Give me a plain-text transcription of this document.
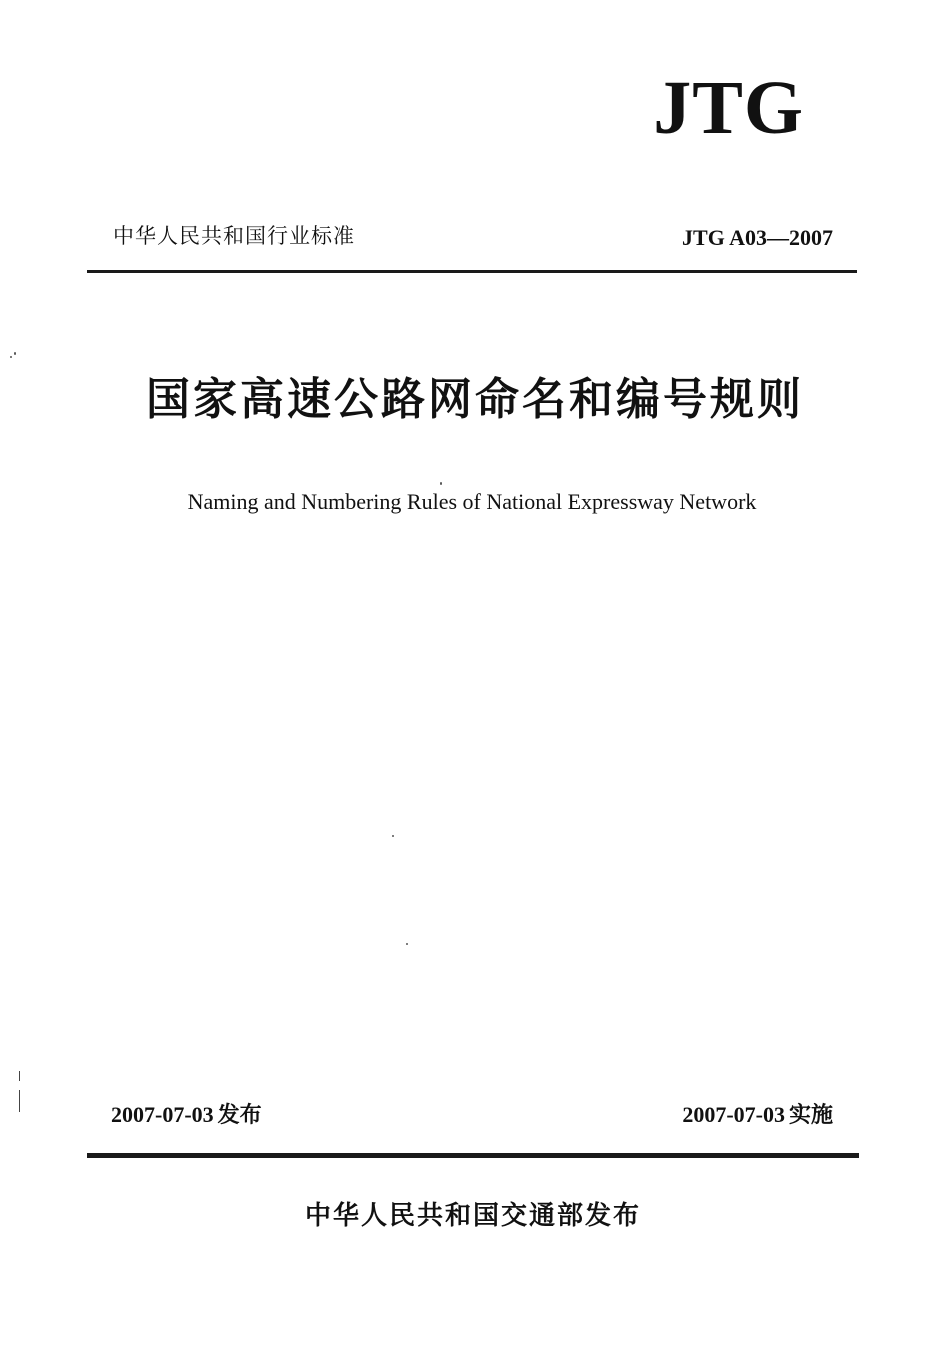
JTG
中华人民共和国行业标准	JTG A03—2007
国家高速公路网命名和编号规则
Naming and Numbering Rules of National Expressway Network
2007-07-03 发布	2007-07-03 实施
中华人民共和国交通部发布
